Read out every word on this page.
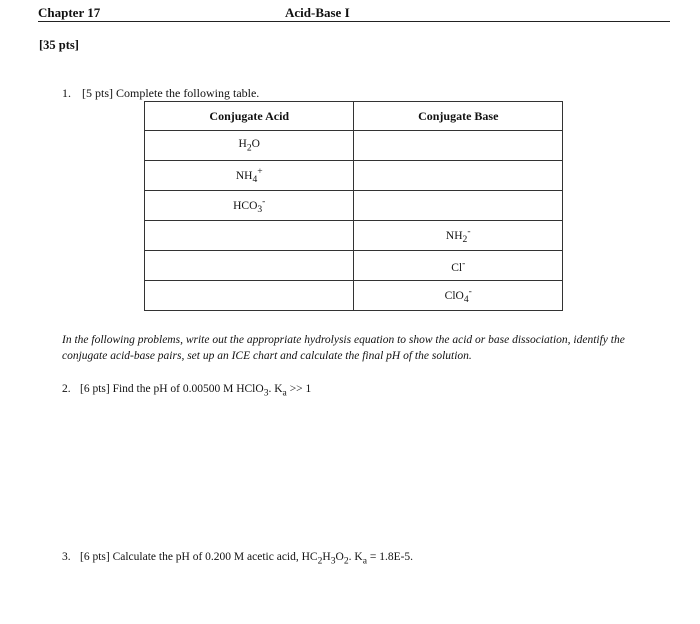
Chapter 17	Acid-Base I
[35 pts]
1. [5 pts] Complete the following table.
Conjugate Acid	Conjugate Base
$H_2O$	
$NH_4^+$	
$HCO_3^-$	
	$NH_2^-$
	Cl-
	ClO$_4$-
In the following problems, write out the appropriate hydrolysis equation to show the acid or base dissociation, identify the conjugate acid-base pairs, set up an ICE chart and calculate the final pH of the solution.
2. [6 pts] Find the pH of 0.00500 M HClO$_3$. $K_a >> 1$
3. [6 pts] Calculate the pH of 0.200 M acetic acid, $HC_2H_3O_2$. $K_a = 1.8E-5$.
